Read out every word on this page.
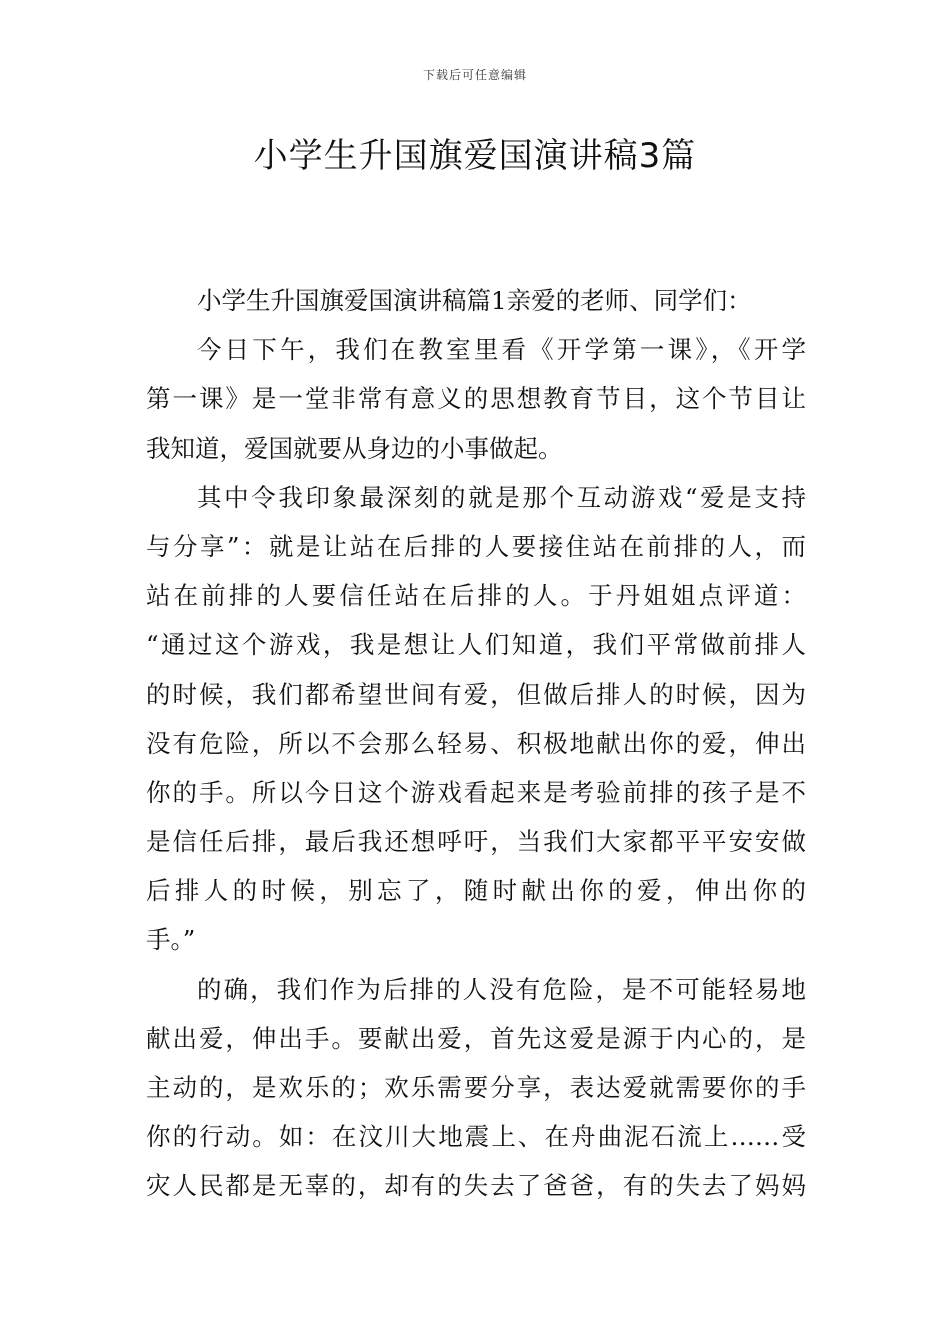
下载后可任意编辑
小学生升国旗爱国演讲稿3篇
小学生升国旗爱国演讲稿篇1亲爱的老师、同学们：
今日下午，我们在教室里看《开学第一课》，《开学
第一课》是一堂非常有意义的思想教育节目，这个节目让
我知道，爱国就要从身边的小事做起。
其中令我印象最深刻的就是那个互动游戏“爱是支持
与分享”：就是让站在后排的人要接住站在前排的人，而
站在前排的人要信任站在后排的人。于丹姐姐点评道：
“通过这个游戏，我是想让人们知道，我们平常做前排人
的时候，我们都希望世间有爱，但做后排人的时候，因为
没有危险，所以不会那么轻易、积极地献出你的爱，伸出
你的手。所以今日这个游戏看起来是考验前排的孩子是不
是信任后排，最后我还想呼吁，当我们大家都平平安安做
后排人的时候，别忘了，随时献出你的爱，伸出你的
手。”
的确，我们作为后排的人没有危险，是不可能轻易地
献出爱，伸出手。要献出爱，首先这爱是源于内心的，是
主动的，是欢乐的；欢乐需要分享，表达爱就需要你的手
你的行动。如：在汶川大地震上、在舟曲泥石流上……受
灾人民都是无辜的，却有的失去了爸爸，有的失去了妈妈
